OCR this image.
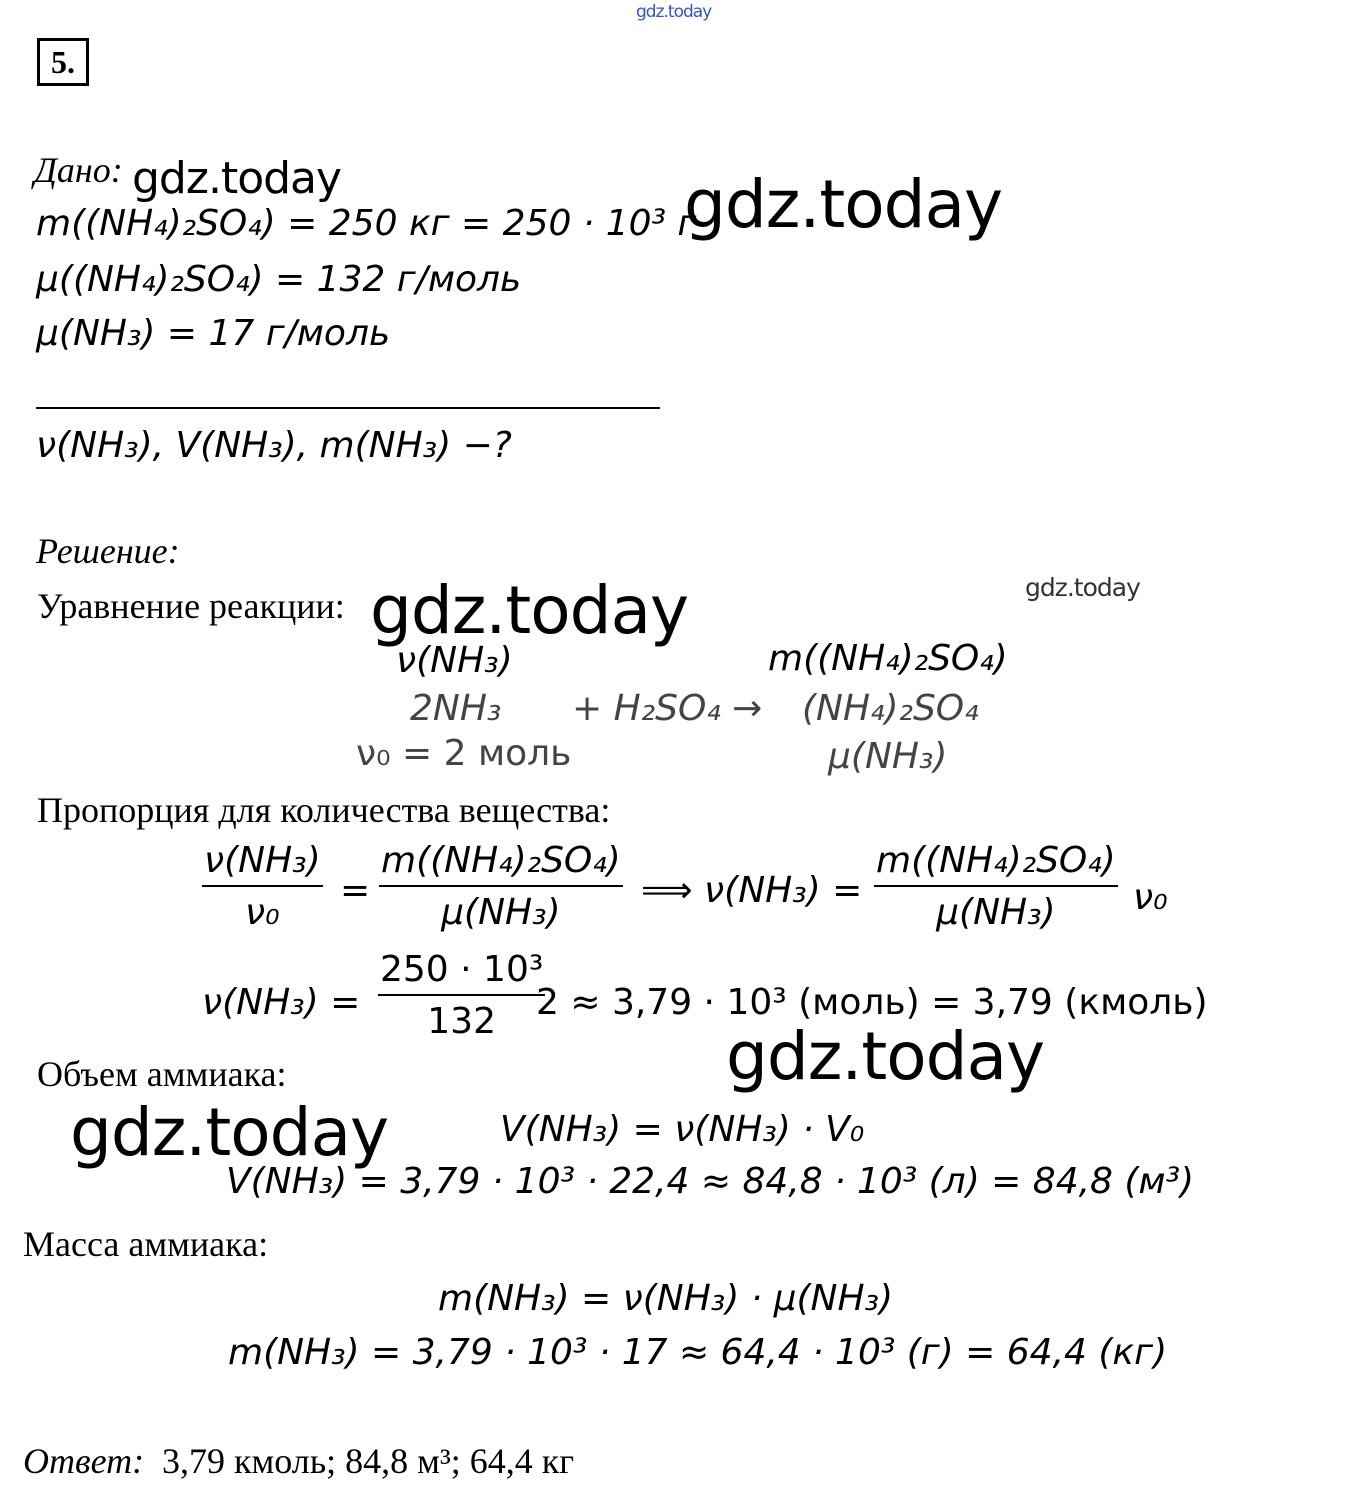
gdz.today
5.
Дано: gdz.today
m((NH₄)₂SO₄) = 250 кг = 250 · 10³ г
gdz.today
μ((NH₄)₂SO₄) = 132 г/моль
μ(NH₃) = 17 г/моль
ν(NH₃), V(NH₃), m(NH₃) −?
Решение:
Уравнение реакции: gdz.today	gdz.today
ν(NH₃)	m((NH₄)₂SO₄)
2NH₃ + H₂SO₄ → (NH₄)₂SO₄
ν₀ = 2 моль	μ(NH₃)
Пропорция для количества вещества:
ν(NH₃)
ν₀
=
m((NH₄)₂SO₄)
μ(NH₃)
⟹ ν(NH₃) =
m((NH₄)₂SO₄)
μ(NH₃) ν₀
ν(NH₃) =
250 · 10³
132 2 ≈ 3,79 · 10³ (моль) = 3,79 (кмоль)
gdz.today
Объем аммиака:
gdz.today	V(NH₃) = ν(NH₃) · V₀
V(NH₃) = 3,79 · 10³ · 22,4 ≈ 84,8 · 10³ (л) = 84,8 (м³)
Масса аммиака:
m(NH₃) = ν(NH₃) · μ(NH₃)
m(NH₃) = 3,79 · 10³ · 17 ≈ 64,4 · 10³ (г) = 64,4 (кг)
Ответ: 3,79 кмоль; 84,8 м³; 64,4 кг
